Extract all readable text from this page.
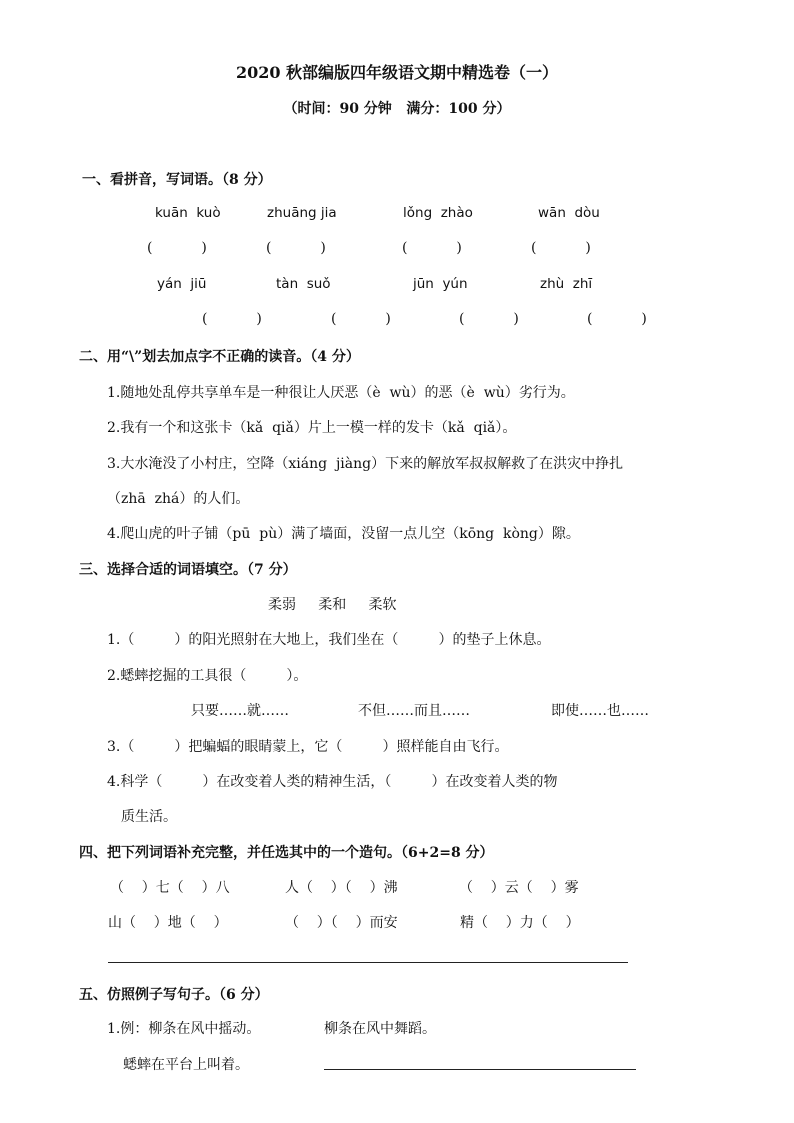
2020 秋部编版四年级语文期中精选卷（一）
（时间：90 分钟   满分：100 分）
一、看拼音，写词语。（8 分）
kuān  kuò	zhuāng jia	lǒng  zhào	wān  dòu
(           )	(           )	(           )	(           )
yán  jiū	tàn  suǒ	jūn  yún	zhù  zhī
(           )	(           )	(           )	(           )
二、用“\”划去加点字不正确的读音。（4 分）
1.随地处乱停共享单车是一种很让人厌恶（è  wù）的恶（è  wù）劣行为。
2.我有一个和这张卡（kǎ  qiǎ）片上一模一样的发卡（kǎ  qiǎ）。
3.大水淹没了小村庄，空降（xiáng  jiàng）下来的解放军叔叔解救了在洪灾中挣扎
（zhā  zhá）的人们。
4.爬山虎的叶子铺（pū  pù）满了墙面，没留一点儿空（kōng  kòng）隙。
三、选择合适的词语填空。（7 分）
柔弱     柔和     柔软
1.（         ）的阳光照射在大地上，我们坐在（         ）的垫子上休息。
2.蟋蟀挖掘的工具很（         ）。
只要……就……	不但……而且……	即使……也……
3.（         ）把蝙蝠的眼睛蒙上，它（         ）照样能自由飞行。
4.科学（         ）在改变着人类的精神生活，（         ）在改变着人类的物
质生活。
四、把下列词语补充完整，并任选其中的一个造句。（6+2=8 分）
（    ）七（    ）八	人（    ）（    ）沸	（    ）云（    ）雾
山（    ）地（    ）	（    ）（    ）而安	精（    ）力（    ）
五、仿照例子写句子。（6 分）
1.例：柳条在风中摇动。	柳条在风中舞蹈。
蟋蟀在平台上叫着。
